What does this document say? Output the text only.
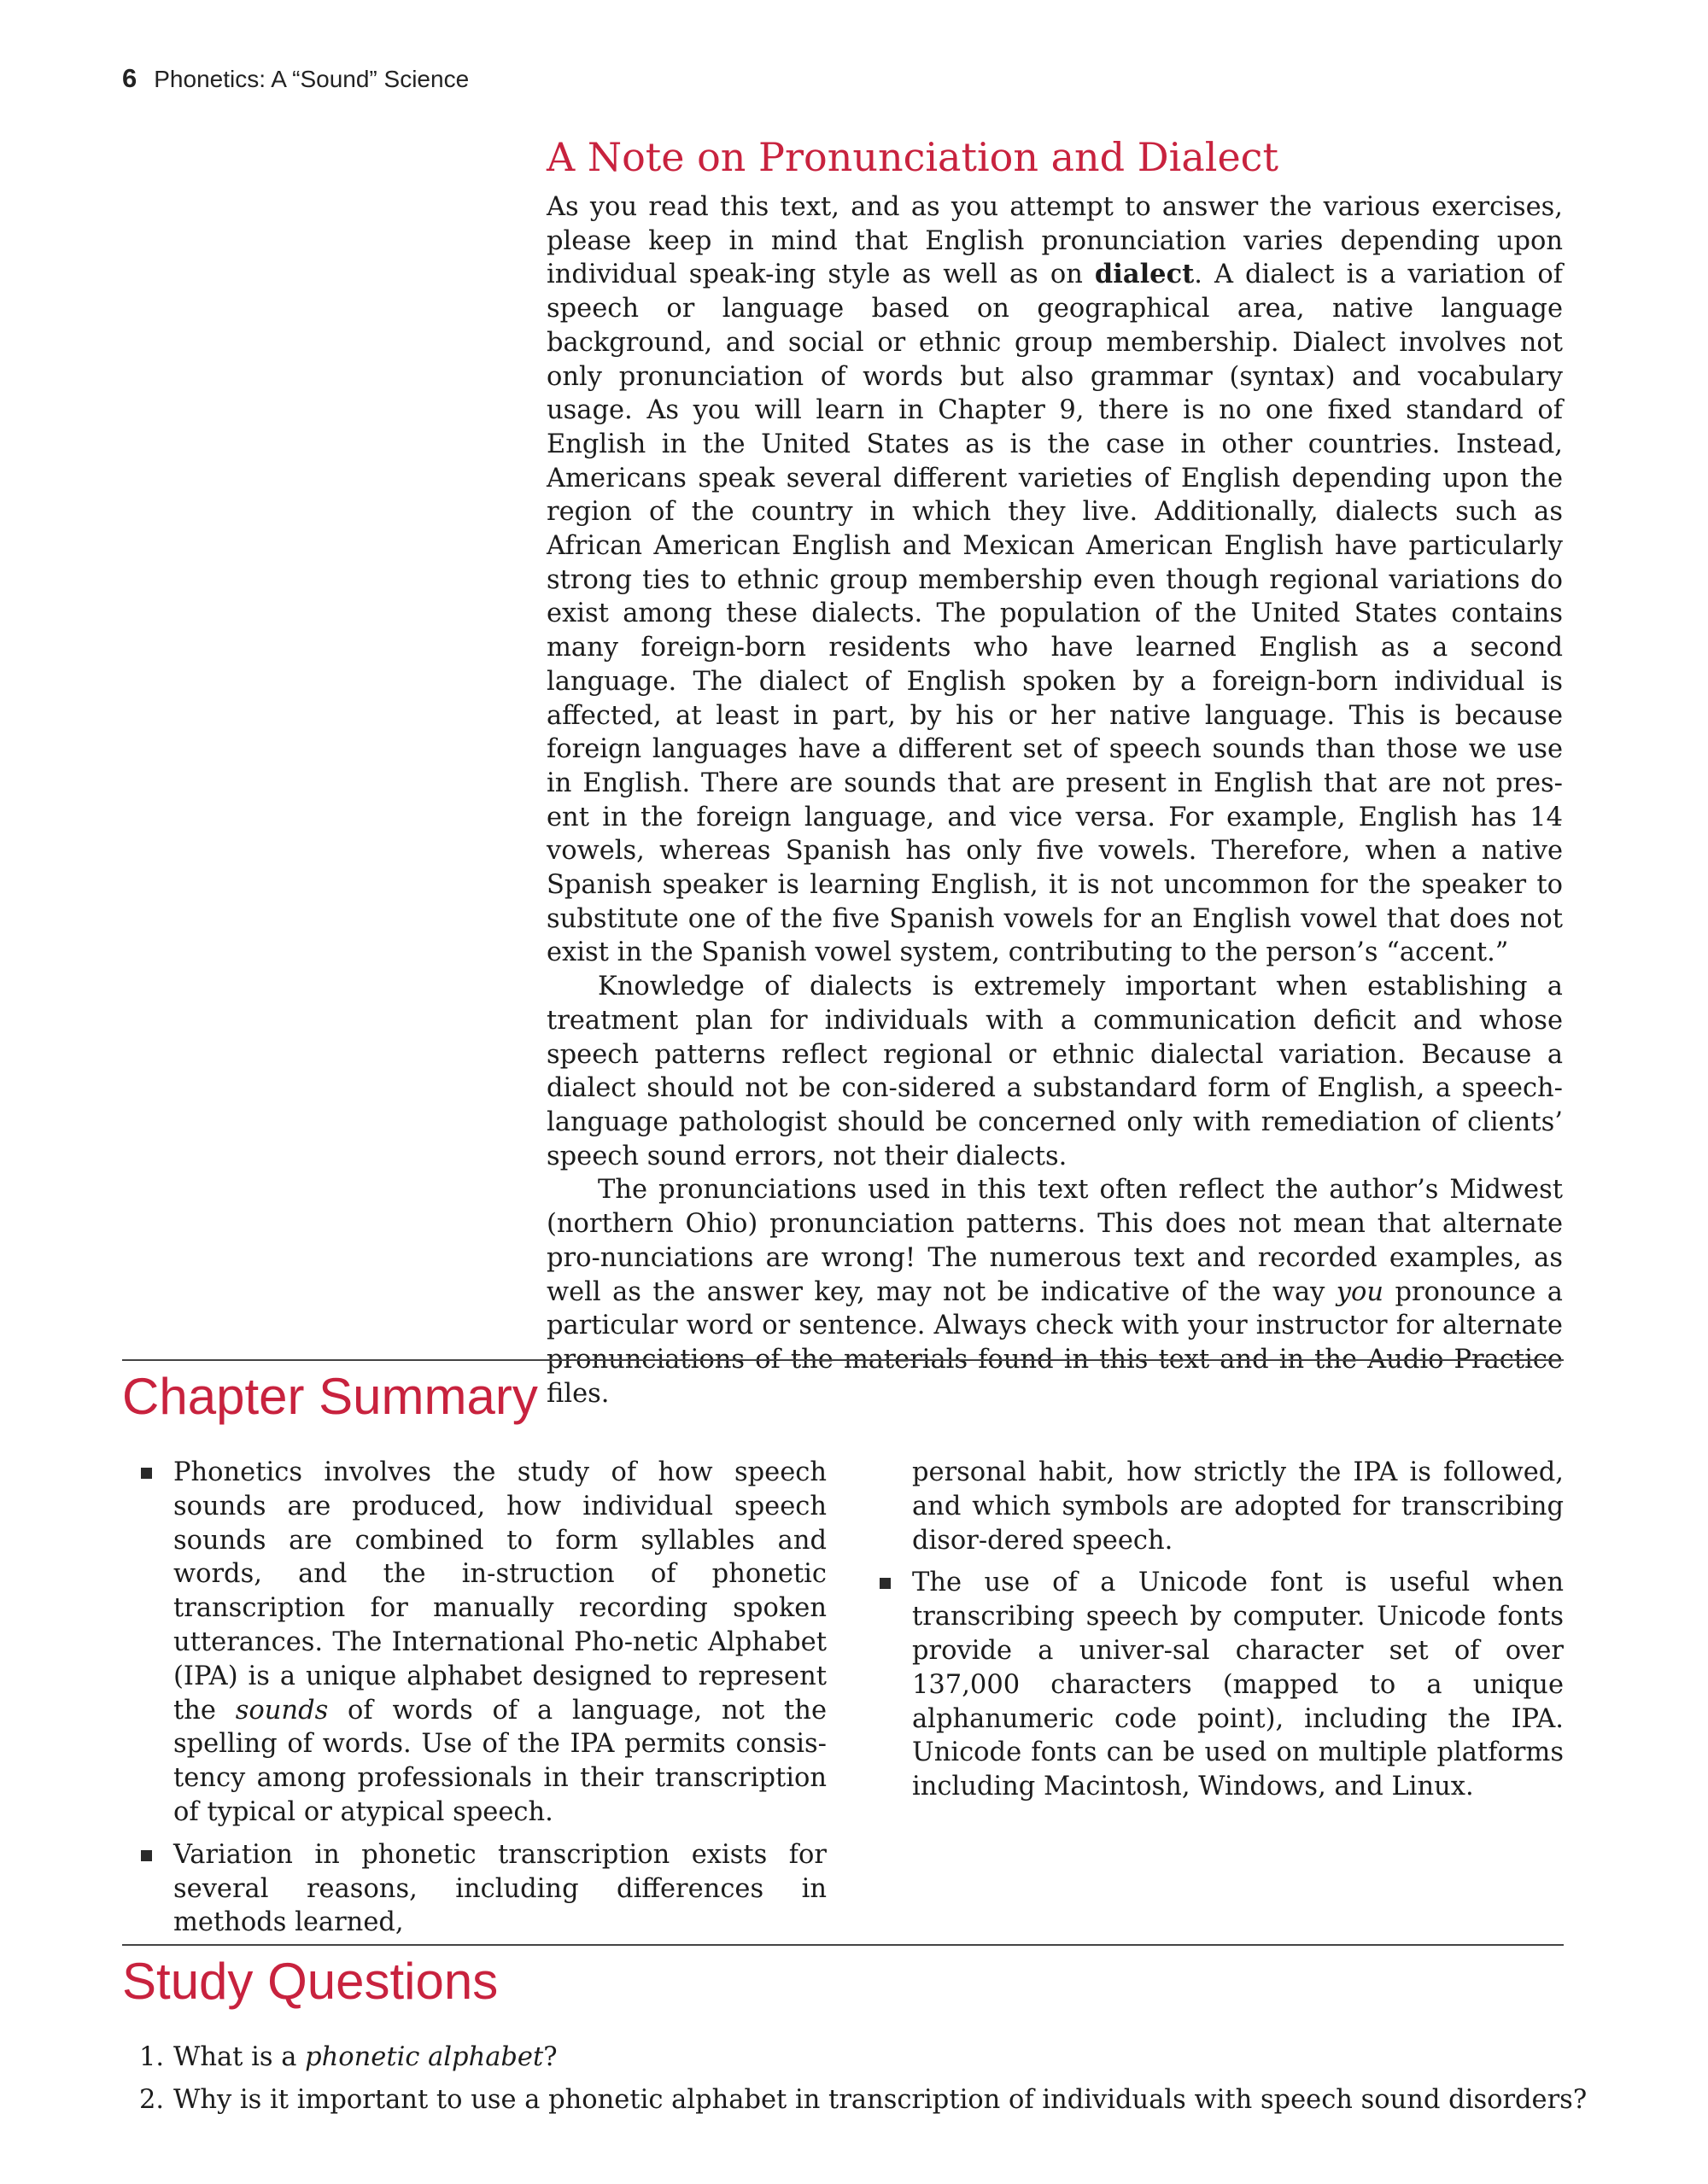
6 Phonetics: A “Sound” Science
A Note on Pronunciation and Dialect

As you read this text, and as you attempt to answer the various exercises, please keep in mind that English pronunciation varies depending upon individual speak-ing style as well as on dialect. A dialect is a variation of speech or language based on geographical area, native language background, and social or ethnic group membership. Dialect involves not only pronunciation of words but also grammar (syntax) and vocabulary usage. As you will learn in Chapter 9, there is no one fixed standard of English in the United States as is the case in other countries. Instead, Americans speak several different varieties of English depending upon the region of the country in which they live. Additionally, dialects such as African American English and Mexican American English have particularly strong ties to ethnic group membership even though regional variations do exist among these dialects. The population of the United States contains many foreign-born residents who have learned English as a second language. The dialect of English spoken by a foreign-born individual is affected, at least in part, by his or her native language. This is because foreign languages have a different set of speech sounds than those we use in English. There are sounds that are present in English that are not pres-ent in the foreign language, and vice versa. For example, English has 14 vowels, whereas Spanish has only five vowels. Therefore, when a native Spanish speaker is learning English, it is not uncommon for the speaker to substitute one of the five Spanish vowels for an English vowel that does not exist in the Spanish vowel system, contributing to the person’s “accent.”

Knowledge of dialects is extremely important when establishing a treatment plan for individuals with a communication deficit and whose speech patterns reflect regional or ethnic dialectal variation. Because a dialect should not be con-sidered a substandard form of English, a speech-language pathologist should be concerned only with remediation of clients’ speech sound errors, not their dialects.

The pronunciations used in this text often reflect the author’s Midwest (northern Ohio) pronunciation patterns. This does not mean that alternate pro-nunciations are wrong! The numerous text and recorded examples, as well as the answer key, may not be indicative of the way you pronounce a particular word or sentence. Always check with your instructor for alternate pronunciations of the materials found in this text and in the Audio Practice files.

Chapter Summary

Phonetics involves the study of how speech sounds are produced, how individual speech sounds are combined to form syllables and words, and the in-struction of phonetic transcription for manually recording spoken utterances. The International Pho-netic Alphabet (IPA) is a unique alphabet designed to represent the sounds of words of a language, not the spelling of words. Use of the IPA permits consis-tency among professionals in their transcription of typical or atypical speech.

Variation in phonetic transcription exists for several reasons, including differences in methods learned,

personal habit, how strictly the IPA is followed, and which symbols are adopted for transcribing disor-dered speech.

The use of a Unicode font is useful when transcribing speech by computer. Unicode fonts provide a univer-sal character set of over 137,000 characters (mapped to a unique alphanumeric code point), including the IPA. Unicode fonts can be used on multiple platforms including Macintosh, Windows, and Linux.

Study Questions
1. What is a phonetic alphabet?
2. Why is it important to use a phonetic alphabet in transcription of individuals with speech sound disorders?
